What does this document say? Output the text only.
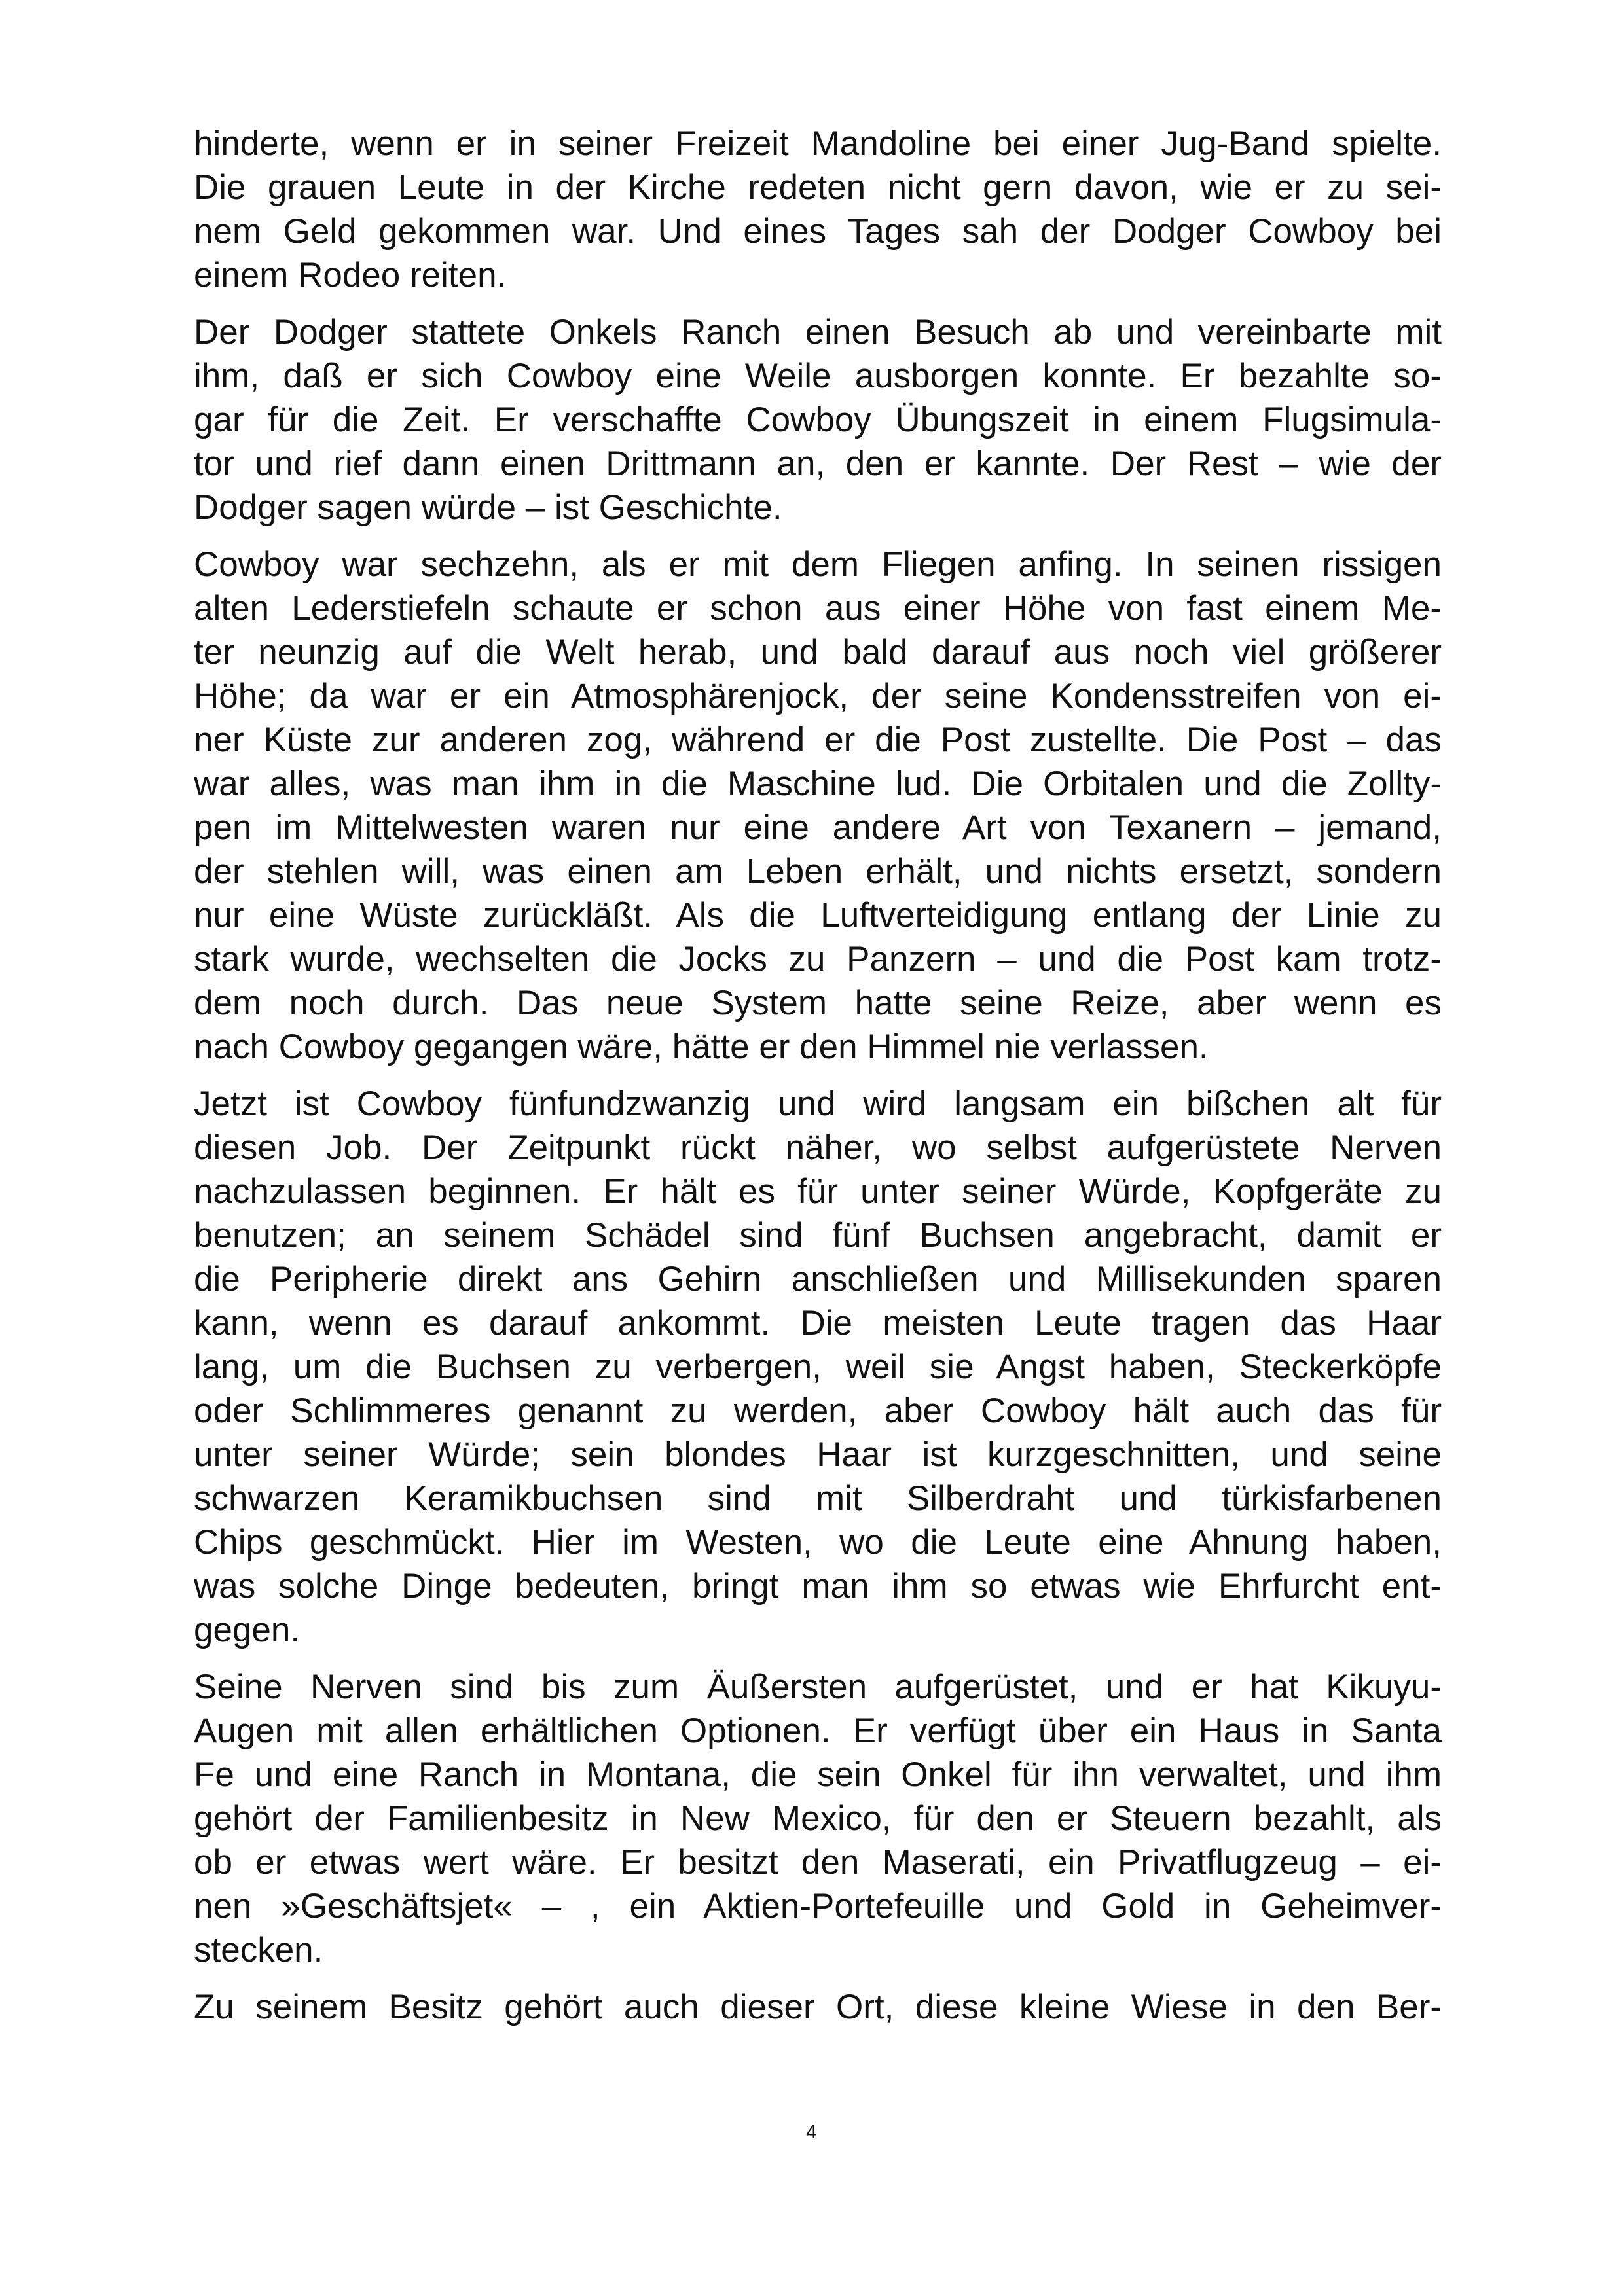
hinderte, wenn er in seiner Freizeit Mandoline bei einer Jug-Band spielte.
Die grauen Leute in der Kirche redeten nicht gern davon, wie er zu sei-
nem Geld gekommen war. Und eines Tages sah der Dodger Cowboy bei
einem Rodeo reiten.
Der Dodger stattete Onkels Ranch einen Besuch ab und vereinbarte mit
ihm, daß er sich Cowboy eine Weile ausborgen konnte. Er bezahlte so-
gar für die Zeit. Er verschaffte Cowboy Übungszeit in einem Flugsimula-
tor und rief dann einen Drittmann an, den er kannte. Der Rest – wie der
Dodger sagen würde – ist Geschichte.
Cowboy war sechzehn, als er mit dem Fliegen anfing. In seinen rissigen
alten Lederstiefeln schaute er schon aus einer Höhe von fast einem Me-
ter neunzig auf die Welt herab, und bald darauf aus noch viel größerer
Höhe; da war er ein Atmosphärenjock, der seine Kondensstreifen von ei-
ner Küste zur anderen zog, während er die Post zustellte. Die Post – das
war alles, was man ihm in die Maschine lud. Die Orbitalen und die Zollty-
pen im Mittelwesten waren nur eine andere Art von Texanern – jemand,
der stehlen will, was einen am Leben erhält, und nichts ersetzt, sondern
nur eine Wüste zurückläßt. Als die Luftverteidigung entlang der Linie zu
stark wurde, wechselten die Jocks zu Panzern – und die Post kam trotz-
dem noch durch. Das neue System hatte seine Reize, aber wenn es
nach Cowboy gegangen wäre, hätte er den Himmel nie verlassen.
Jetzt ist Cowboy fünfundzwanzig und wird langsam ein bißchen alt für
diesen Job. Der Zeitpunkt rückt näher, wo selbst aufgerüstete Nerven
nachzulassen beginnen. Er hält es für unter seiner Würde, Kopfgeräte zu
benutzen; an seinem Schädel sind fünf Buchsen angebracht, damit er
die Peripherie direkt ans Gehirn anschließen und Millisekunden sparen
kann, wenn es darauf ankommt. Die meisten Leute tragen das Haar
lang, um die Buchsen zu verbergen, weil sie Angst haben, Steckerköpfe
oder Schlimmeres genannt zu werden, aber Cowboy hält auch das für
unter seiner Würde; sein blondes Haar ist kurzgeschnitten, und seine
schwarzen Keramikbuchsen sind mit Silberdraht und türkisfarbenen
Chips geschmückt. Hier im Westen, wo die Leute eine Ahnung haben,
was solche Dinge bedeuten, bringt man ihm so etwas wie Ehrfurcht ent-
gegen.
Seine Nerven sind bis zum Äußersten aufgerüstet, und er hat Kikuyu-
Augen mit allen erhältlichen Optionen. Er verfügt über ein Haus in Santa
Fe und eine Ranch in Montana, die sein Onkel für ihn verwaltet, und ihm
gehört der Familienbesitz in New Mexico, für den er Steuern bezahlt, als
ob er etwas wert wäre. Er besitzt den Maserati, ein Privatflugzeug – ei-
nen »Geschäftsjet« – , ein Aktien-Portefeuille und Gold in Geheimver-
stecken.
Zu seinem Besitz gehört auch dieser Ort, diese kleine Wiese in den Ber-
4
